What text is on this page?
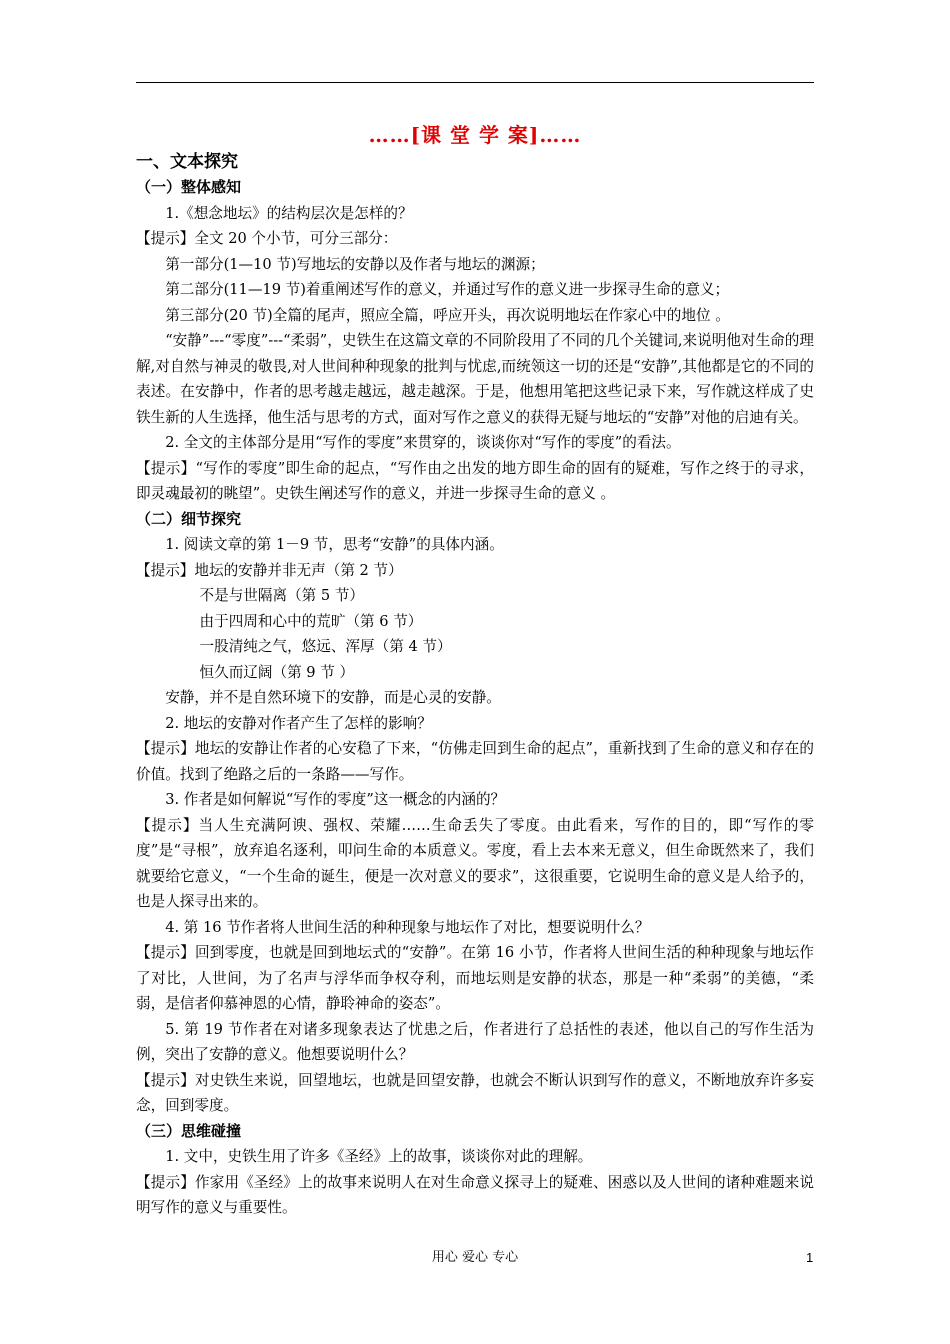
……[课 堂 学 案]……
一、文本探究
（一）整体感知

1.《想念地坛》的结构层次是怎样的？

【提示】全文 20 个小节，可分三部分：

第一部分(1—10 节)写地坛的安静以及作者与地坛的渊源；

第二部分(11—19 节)着重阐述写作的意义，并通过写作的意义进一步探寻生命的意义；

第三部分(20 节)全篇的尾声，照应全篇，呼应开头，再次说明地坛在作家心中的地位 。

“安静”---“零度”---“柔弱”，史铁生在这篇文章的不同阶段用了不同的几个关键词,来说明他对生命的理解,对自然与神灵的敬畏,对人世间种种现象的批判与忧虑,而统领这一切的还是“安静”,其他都是它的不同的表述。在安静中，作者的思考越走越远，越走越深。于是，他想用笔把这些记录下来，写作就这样成了史铁生新的人生选择，他生活与思考的方式，面对写作之意义的获得无疑与地坛的“安静”对他的启迪有关。

2. 全文的主体部分是用“写作的零度”来贯穿的，谈谈你对“写作的零度”的看法。

【提示】“写作的零度”即生命的起点，“写作由之出发的地方即生命的固有的疑难，写作之终于的寻求，即灵魂最初的眺望”。史铁生阐述写作的意义，并进一步探寻生命的意义 。

（二）细节探究

1. 阅读文章的第 1－9 节，思考“安静”的具体内涵。

【提示】地坛的安静并非无声（第 2 节）

不是与世隔离（第 5 节）

由于四周和心中的荒旷（第 6 节）

一股清纯之气，悠远、浑厚（第 4 节）

恒久而辽阔（第 9 节 ）

安静，并不是自然环境下的安静，而是心灵的安静。

2. 地坛的安静对作者产生了怎样的影响？

【提示】地坛的安静让作者的心安稳了下来，“仿佛走回到生命的起点”，重新找到了生命的意义和存在的价值。找到了绝路之后的一条路——写作。

3. 作者是如何解说“写作的零度”这一概念的内涵的？

【提示】当人生充满阿谀、强权、荣耀……生命丢失了零度。由此看来，写作的目的，即“写作的零度”是“寻根”，放弃追名逐利，叩问生命的本质意义。零度，看上去本来无意义，但生命既然来了，我们就要给它意义，“一个生命的诞生，便是一次对意义的要求”，这很重要，它说明生命的意义是人给予的，也是人探寻出来的。

4. 第 16 节作者将人世间生活的种种现象与地坛作了对比，想要说明什么？

【提示】回到零度，也就是回到地坛式的“安静”。在第 16 小节，作者将人世间生活的种种现象与地坛作了对比，人世间，为了名声与浮华而争权夺利，而地坛则是安静的状态，那是一种“柔弱”的美德，“柔弱，是信者仰慕神恩的心情，静聆神命的姿态”。

5. 第 19 节作者在对诸多现象表达了忧患之后，作者进行了总括性的表述，他以自己的写作生活为例，突出了安静的意义。他想要说明什么？

【提示】对史铁生来说，回望地坛，也就是回望安静，也就会不断认识到写作的意义，不断地放弃许多妄念，回到零度。

（三）思维碰撞

1. 文中，史铁生用了许多《圣经》上的故事，谈谈你对此的理解。

【提示】作家用《圣经》上的故事来说明人在对生命意义探寻上的疑难、困惑以及人世间的诸种难题来说明写作的意义与重要性。

用心 爱心 专心	1
